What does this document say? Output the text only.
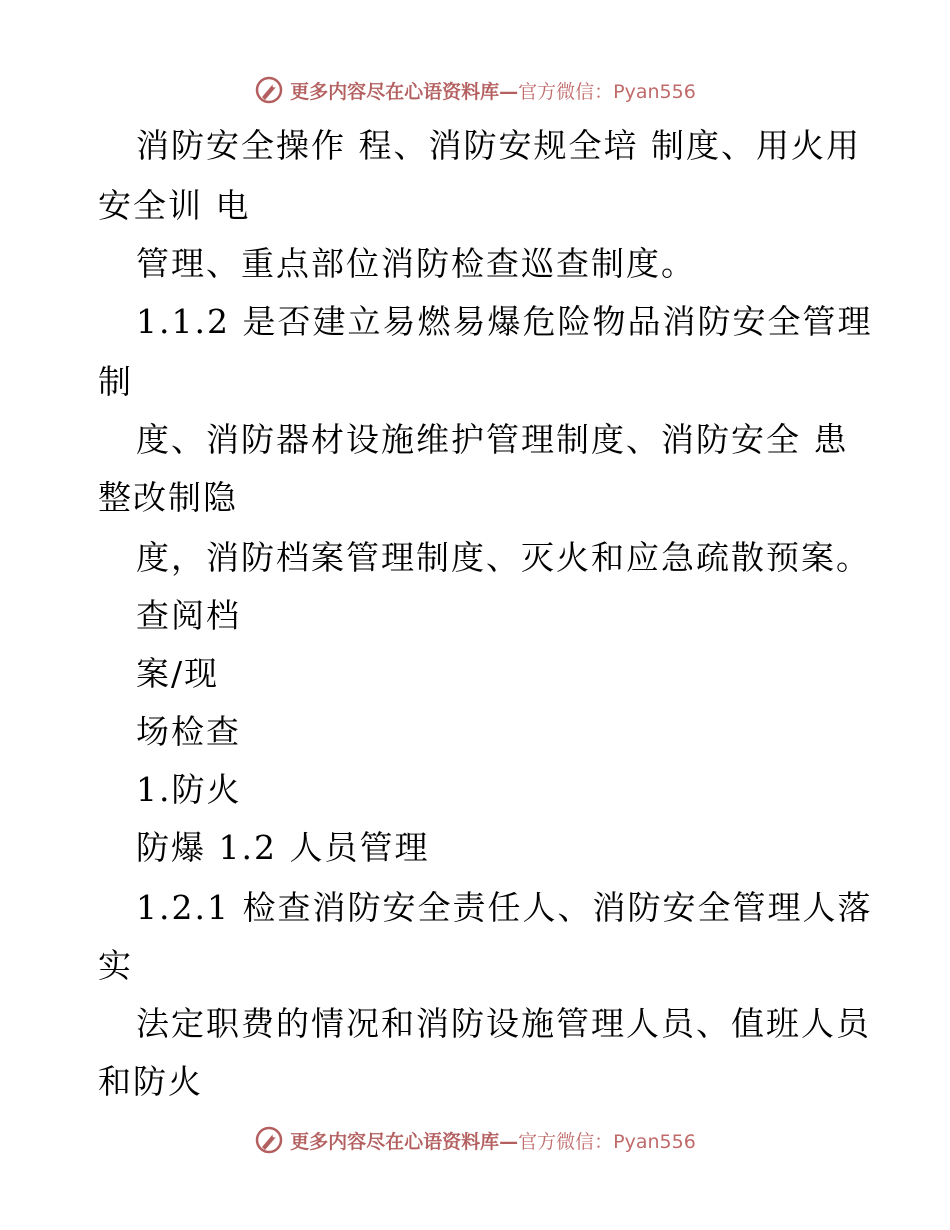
更多内容尽在心语资料库—官方微信：Pyan556
消防安全操作 程、消防安规全培 制度、用火用
安全训 电
管理、重点部位消防检查巡查制度。
1.1.2 是否建立易燃易爆危险物品消防安全管理
制
度、消防器材设施维护管理制度、消防安全 患
整改制隐
度，消防档案管理制度、灭火和应急疏散预案。
查阅档
案/现
场检查
1.防火
防爆 1.2 人员管理
1.2.1 检查消防安全责任人、消防安全管理人落
实
法定职费的情况和消防设施管理人员、值班人员
和防火
更多内容尽在心语资料库—官方微信：Pyan556
